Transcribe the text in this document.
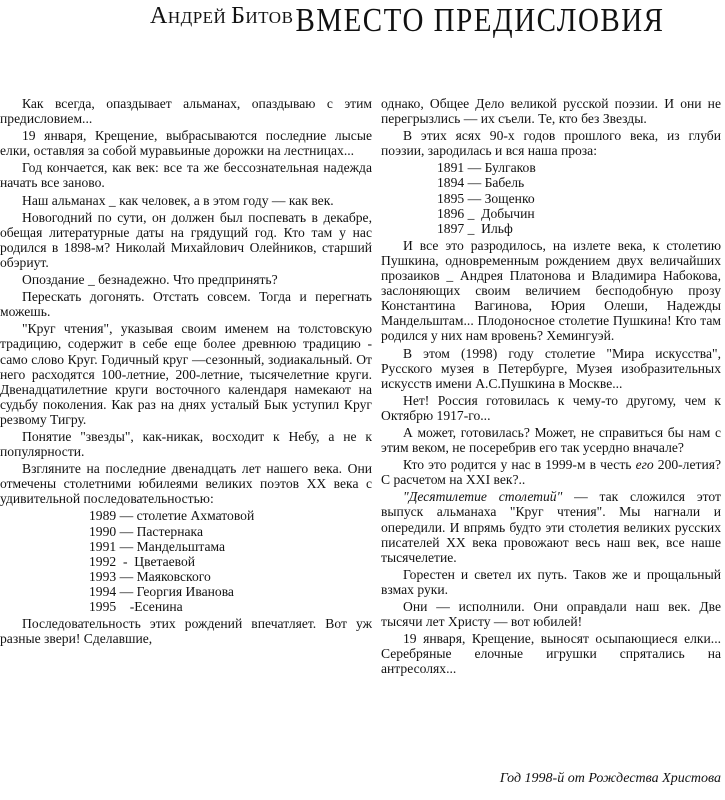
АНДРЕЙ БИТОВВМЕСТО ПРЕДИСЛОВИЯ

Как всегда, опаздывает альманах, опаздываю с этим предисловием...

19 января, Крещение, выбрасываются последние лысые елки, оставляя за собой муравьиные дорожки на лестницах...

Год кончается, как век: все та же бессознательная надежда начать все заново.

Наш альманах _ как человек, а в этом году — как век.

Новогодний по сути, он должен был поспевать в декабре, обещая литературные даты на грядущий год. Кто там у нас родился в 1898-м? Николай Михайлович Олейников, старший обэриут.

Опоздание _ безнадежно. Что предпринять?

Перескать догонять. Отстать совсем. Тогда и перегнать можешь.

"Круг чтения", указывая своим именем на толстовскую традицию, содержит в себе еще более древнюю традицию - само слово Круг. Годичный круг —сезонный, зодиакальный. От него расходятся 100-летние, 200-летние, тысячелетние круги. Двенадцатилетние круги восточного календаря намекают на судьбу поколения. Как раз на днях усталый Бык уступил Круг резвому Тигру.

Понятие "звезды", как-никак, восходит к Небу, а не к популярности.

Взгляните на последние двенадцать лет нашего века. Они отмечены столетними юбилеями великих поэтов XX века с удивительной последовательностью:

1989 — столетие Ахматовой
1990 — Пастернака
1991 — Мандельштама
1992  -  Цветаевой
1993 — Маяковского
1994 — Георгия Иванова
1995    -Есенина

Последовательность этих рождений впечатляет. Вот уж разные звери! Сделавшие,

однако, Общее Дело великой русской поэзии. И они не перегрызлись — их съели. Те, кто без Звезды.

В этих ясях 90-х годов прошлого века, из глуби поэзии, зародилась и вся наша проза:

1891 — Булгаков
1894 — Бабель
1895 — Зощенко
1896 _  Добычин
1897 _  Ильф

И все это разродилось, на излете века, к столетию Пушкина, одновременным рождением двух величайших прозаиков _ Андрея Платонова и Владимира Набокова, заслоняющих своим величием бесподобную прозу Константина Вагинова, Юрия Олеши, Надежды Мандельштам... Плодоносное столетие Пушкина! Кто там родился у них нам вровень? Хемингуэй.

В этом (1998) году столетие "Мира искусства", Русского музея в Петербурге, Музея изобразительных искусств имени А.С.Пушкина в Москве...

Нет! Россия готовилась к чему-то другому, чем к Октябрю 1917-го...

А может, готовилась? Может, не справиться бы нам с этим веком, не посеребрив его так усердно вначале?

Кто это родится у нас в 1999-м в честь его 200-летия? С расчетом на XXI век?..

"Десятилетие столетий" — так сложился этот выпуск альманаха "Круг чтения". Мы нагнали и опередили. И впрямь будто эти столетия великих русских писателей XX века провожают весь наш век, все наше тысячелетие.

Горестен и светел их путь. Таков же и прощальный взмах руки.

Они — исполнили. Они оправдали наш век. Две тысячи лет Христу — вот юбилей!

19 января, Крещение, выносят осыпающиеся елки... Серебряные елочные игрушки спрятались на антресолях...

Год 1998-й от Рождества Христова
